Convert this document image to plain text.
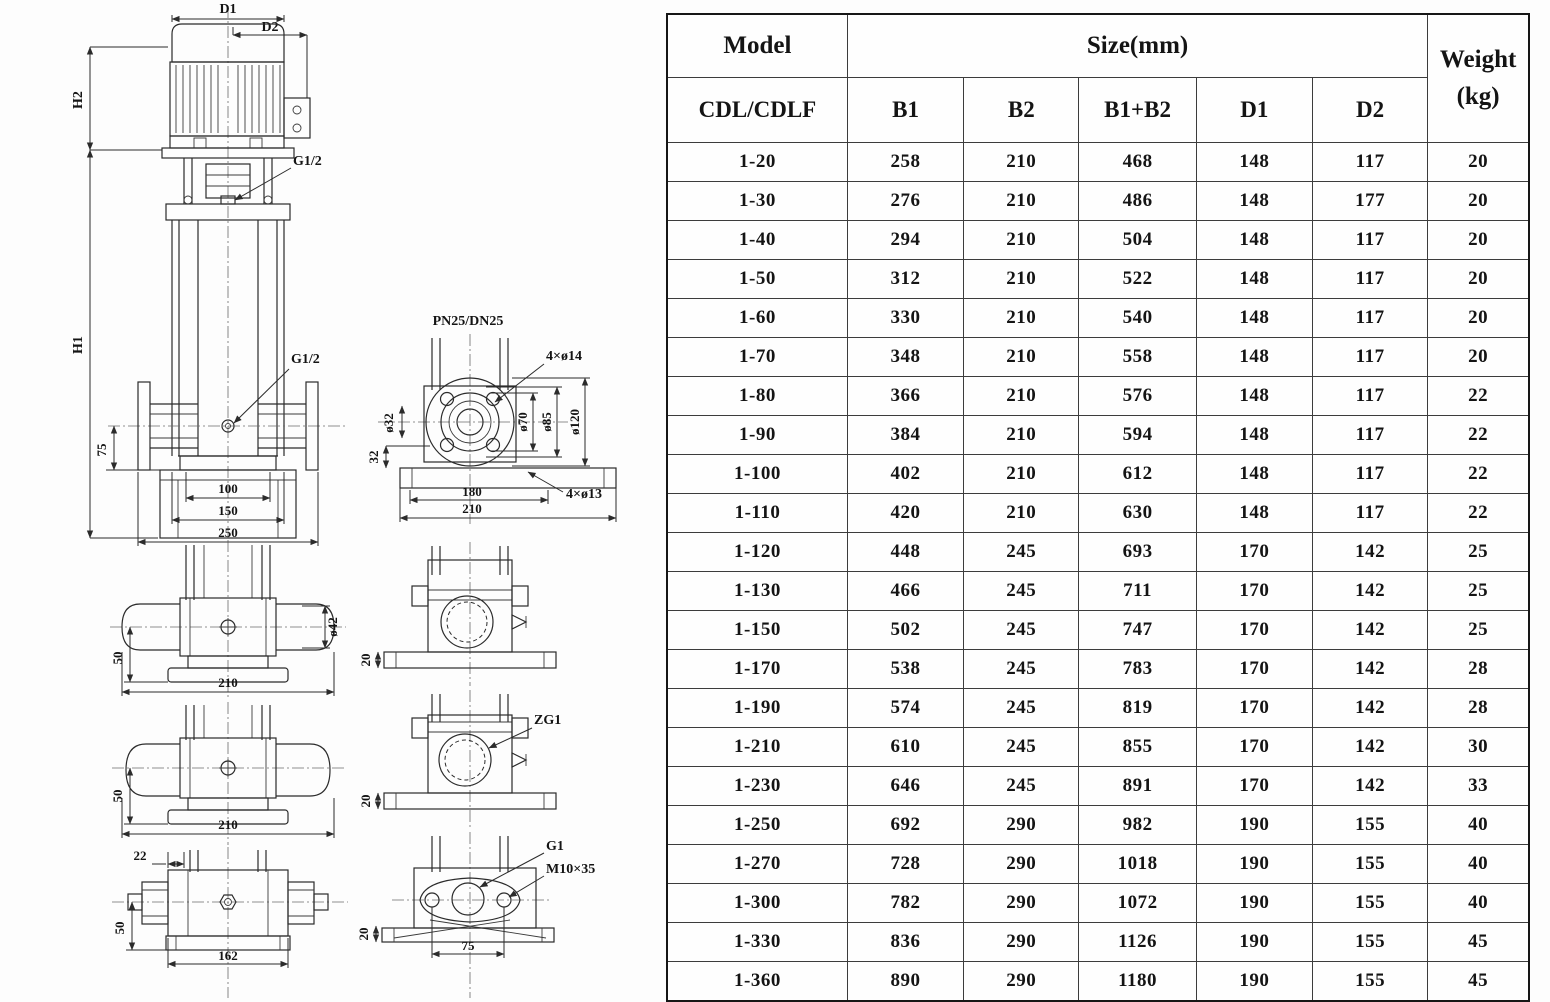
D1
D2
H2
H1
G1/2
G1/2
75
100
150
250
PN25/DN25
4×ø14
ø32	ø70 ø85 ø120
32
180
210
4×ø13
50
210
ø42
50
210
22
50
162
20
ZG1
20
G1
M10×35
20
75
Model	Size(mm)					Weight
(kg)

CDL/CDLF	B1	B2	B1+B2	D1	D2	
1-20	258	210	468	148	117	20
1-30	276	210	486	148	177	20
1-40	294	210	504	148	117	20
1-50	312	210	522	148	117	20
1-60	330	210	540	148	117	20
1-70	348	210	558	148	117	20
1-80	366	210	576	148	117	22
1-90	384	210	594	148	117	22
1-100	402	210	612	148	117	22
1-110	420	210	630	148	117	22
1-120	448	245	693	170	142	25
1-130	466	245	711	170	142	25
1-150	502	245	747	170	142	25
1-170	538	245	783	170	142	28
1-190	574	245	819	170	142	28
1-210	610	245	855	170	142	30
1-230	646	245	891	170	142	33
1-250	692	290	982	190	155	40
1-270	728	290	1018	190	155	40
1-300	782	290	1072	190	155	40
1-330	836	290	1126	190	155	45
1-360	890	290	1180	190	155	45
